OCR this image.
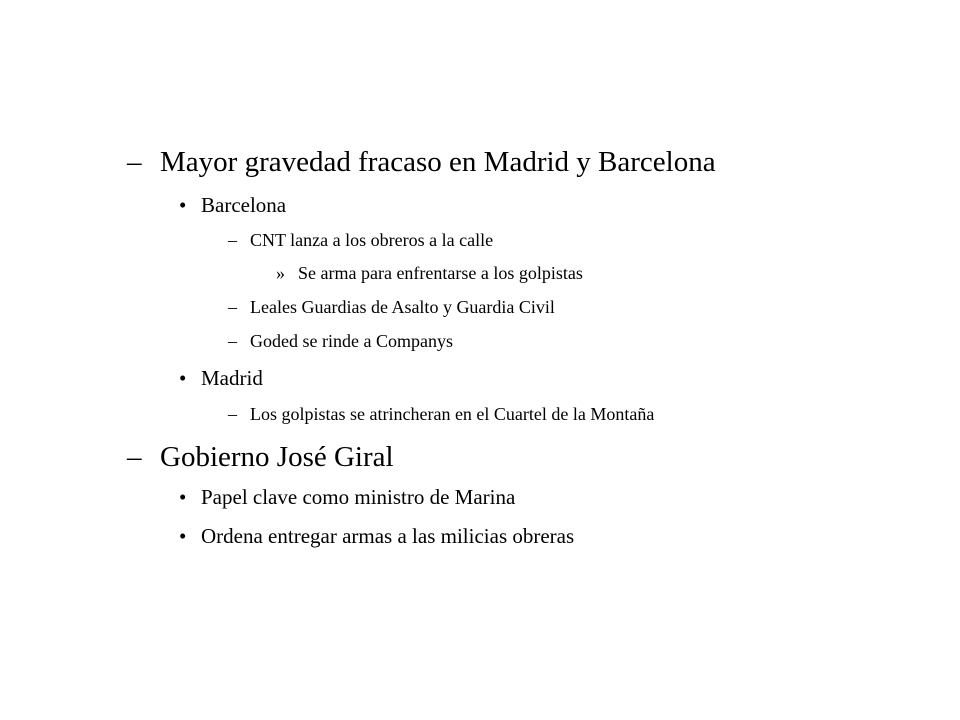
– Mayor gravedad fracaso en Madrid y Barcelona
• Barcelona
– CNT lanza a los obreros a la calle
» Se arma para enfrentarse a los golpistas
– Leales Guardias de Asalto y Guardia Civil
– Goded se rinde a Companys
• Madrid
– Los golpistas se atrincheran en el Cuartel de la Montaña
– Gobierno José Giral
• Papel clave como ministro de Marina
• Ordena entregar armas a las milicias obreras
